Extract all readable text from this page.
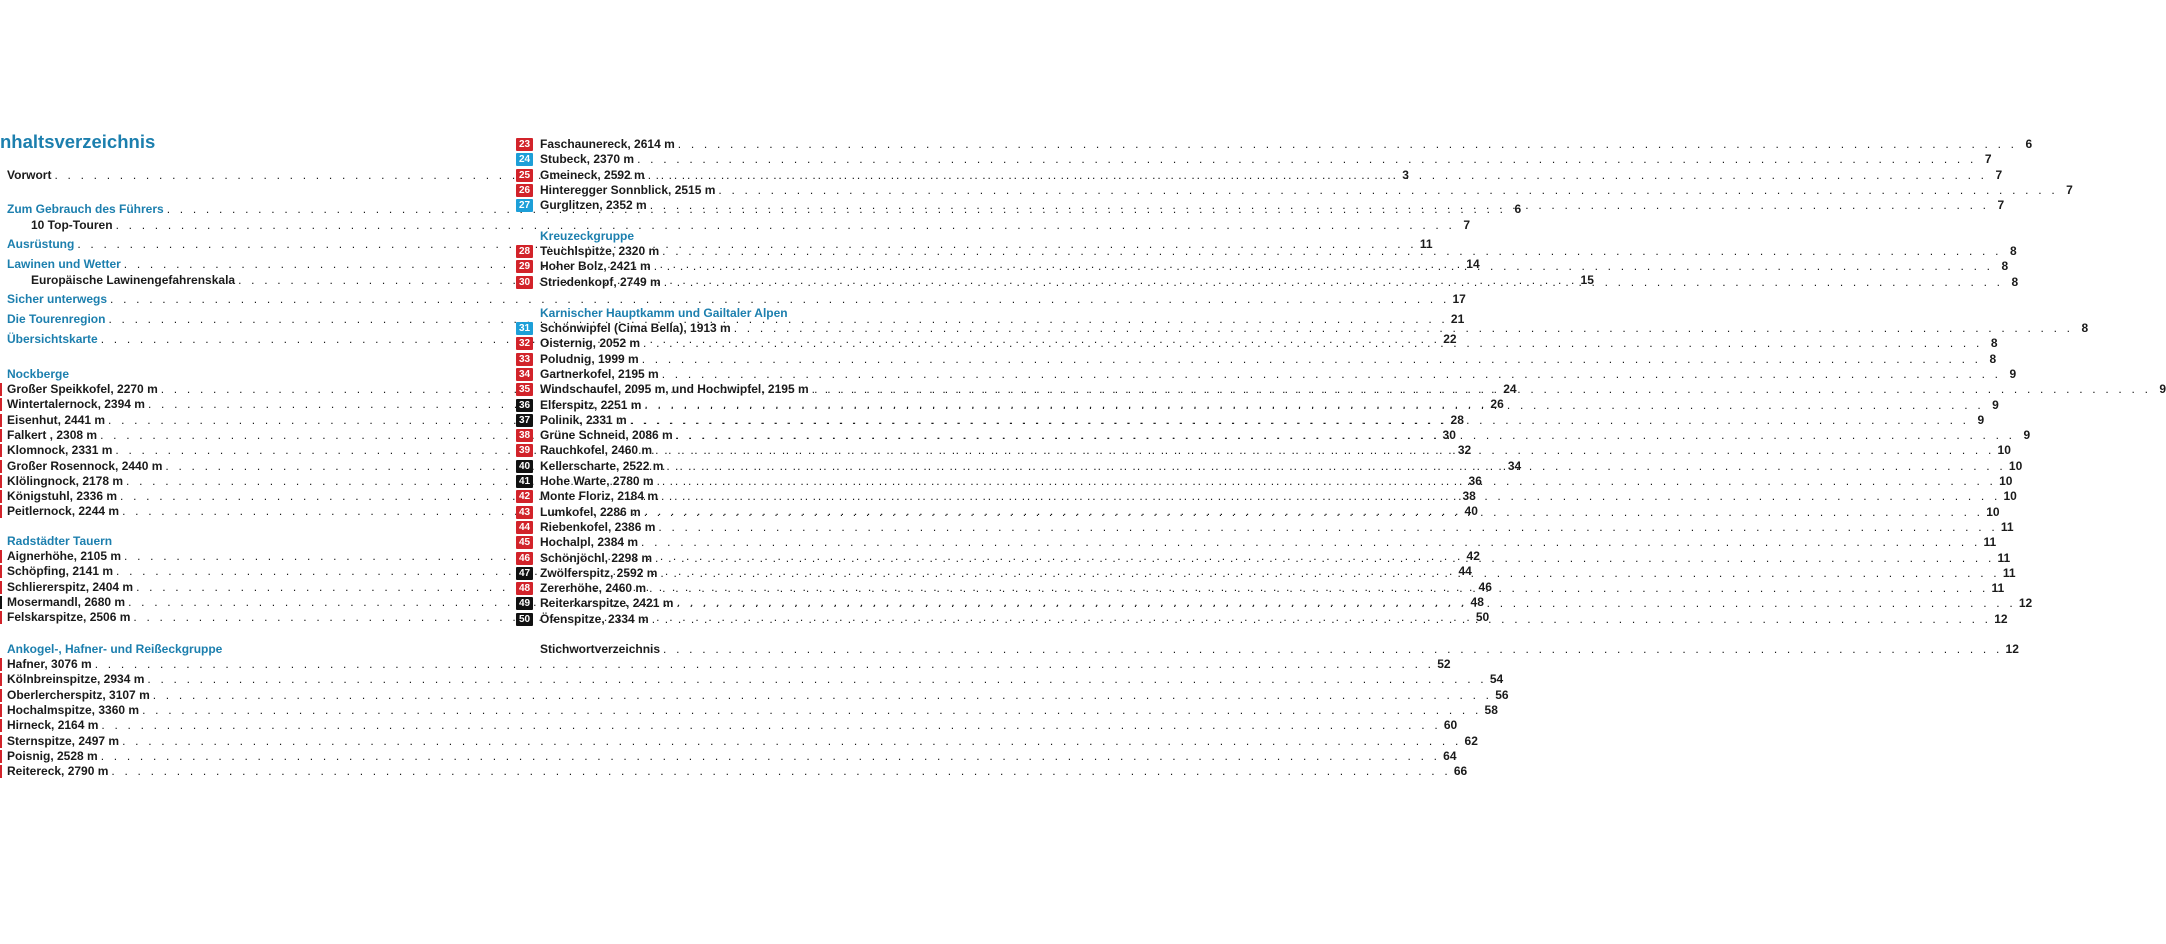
nhaltsverzeichnis
Vorwort . . .	3
Zum Gebrauch des Führers . . .	6
10 Top-Touren . . .	7
Ausrüstung . . .	11
Lawinen und Wetter . . .	14
Europäische Lawinengefahrenskala . . .	15
Sicher unterwegs . . .	17
Die Tourenregion . . .	21
Übersichtskarte . . .	22
Nockberge
Großer Speikkofel, 2270 m . . .	24
Wintertalernock, 2394 m . . .	26
Eisenhut, 2441 m . . .	28
Falkert , 2308 m . . .	30
Klomnock, 2331 m . . .	32
Großer Rosennock, 2440 m . . .	34
Klölingnock, 2178 m . . .	36
Königstuhl, 2336 m . . .	38
Peitlernock, 2244 m . . .	40
Radstädter Tauern
Aignerhöhe, 2105 m . . .	42
Schöpfing, 2141 m . . .	44
Schliererspitz, 2404 m . . .	46
Mosermandl, 2680 m . . .	48
Felskarspitze, 2506 m . . .	50
Ankogel-, Hafner- und Reißeckgruppe
Hafner, 3076 m . . .	52
Kölnbreinspitze, 2934 m . . .	54
Oberlercherspitz, 3107 m . . .	56
Hochalmspitze, 3360 m . . .	58
Hirneck, 2164 m . . .	60
Sternspitze, 2497 m . . .	62
Poisnig, 2528 m . . .	64
Reitereck, 2790 m . . .	66
23 Faschaunereck, 2614 m . . .	6
24 Stubeck, 2370 m . . .	7
25 Gmeineck, 2592 m . . .	7
26 Hinteregger Sonnblick, 2515 m . . .	7
27 Gurglitzen, 2352 m . . .	7
Kreuzeckgruppe
28 Teuchlspitze, 2320 m . . .	8
29 Hoher Bolz, 2421 m . . .	8
30 Striedenkopf, 2749 m . . .	8
Karnischer Hauptkamm und Gailtaler Alpen
31 Schönwipfel (Cima Bella), 1913 m . . .	8
32 Oisternig, 2052 m . . .	8
33 Poludnig, 1999 m . . .	8
34 Gartnerkofel, 2195 m . . .	9
35 Windschaufel, 2095 m, und Hochwipfel, 2195 m . . .	9
36 Elferspitz, 2251 m . . .	9
37 Polinik, 2331 m . . .	9
38 Grüne Schneid, 2086 m . . .	9
39 Rauchkofel, 2460 m . . .	10
40 Kellerscharte, 2522 m . . .	10
41 Hohe Warte, 2780 m . . .	10
42 Monte Floriz, 2184 m . . .	10
43 Lumkofel, 2286 m . . .	10
44 Riebenkofel, 2386 m . . .	11
45 Hochalpl, 2384 m . . .	11
46 Schönjöchl, 2298 m . . .	11
47 Zwölferspitz, 2592 m . . .	11
48 Zererhöhe, 2460 m . . .	11
49 Reiterkarspitze, 2421 m . . .	12
50 Öfenspitze, 2334 m . . .	12
Stichwortverzeichnis . . .	12
